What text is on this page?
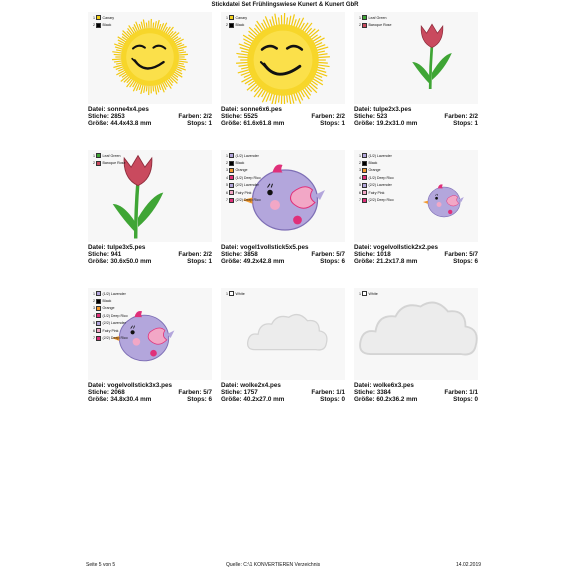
Stickdatei Set Frühlingswiese Kunert & Kunert GbR
1 Canary
2 Black
Datei: sonne4x4.pes
Stiche: 2853	Farben: 2/2
Größe: 44.4x43.8 mm	Stops: 1
1 Canary
2 Black
Datei: sonne6x6.pes
Stiche: 5525	Farben: 2/2
Größe: 61.6x61.8 mm	Stops: 1
1 Leaf Green
2 Baroque Rose
Datei: tulpe2x3.pes
Stiche: 523	Farben: 2/2
Größe: 19.2x31.0 mm	Stops: 1
1 Leaf Green
2 Baroque Rose
Datei: tulpe3x5.pes
Stiche: 941	Farben: 2/2
Größe: 30.6x50.0 mm	Stops: 1
1 (1/2) Lavender
2 Black
3 Orange
4 (1/2) Deep Rico
5 (2/2) Lavender
6 Fairy Pink
7 (2/2) Deep Rico
Datei: vogel1vollstick5x5.pes
Stiche: 3858	Farben: 5/7
Größe: 49.2x42.8 mm	Stops: 6
1 (1/2) Lavender
2 Black
3 Orange
4 (1/2) Deep Rico
5 (2/2) Lavender
6 Fairy Pink
7 (2/2) Deep Rico
Datei: vogelvollstick2x2.pes
Stiche: 1018	Farben: 5/7
Größe: 21.2x17.8 mm	Stops: 6
1 (1/2) Lavender
2 Black
3 Orange
4 (1/2) Deep Rico
5 (2/2) Lavender
6 Fairy Pink
7 (2/2) Deep Rico
Datei: vogelvollstick3x3.pes
Stiche: 2068	Farben: 5/7
Größe: 34.8x30.4 mm	Stops: 6
1 White
Datei: wolke2x4.pes
Stiche: 1757	Farben: 1/1
Größe: 40.2x27.0 mm	Stops: 0
1 White
Datei: wolke6x3.pes
Stiche: 3384	Farben: 1/1
Größe: 60.2x36.2 mm	Stops: 0
Seite 5 von 5	Quelle: C:\1 KONVERTIEREN Verzeichnis	14.02.2019
